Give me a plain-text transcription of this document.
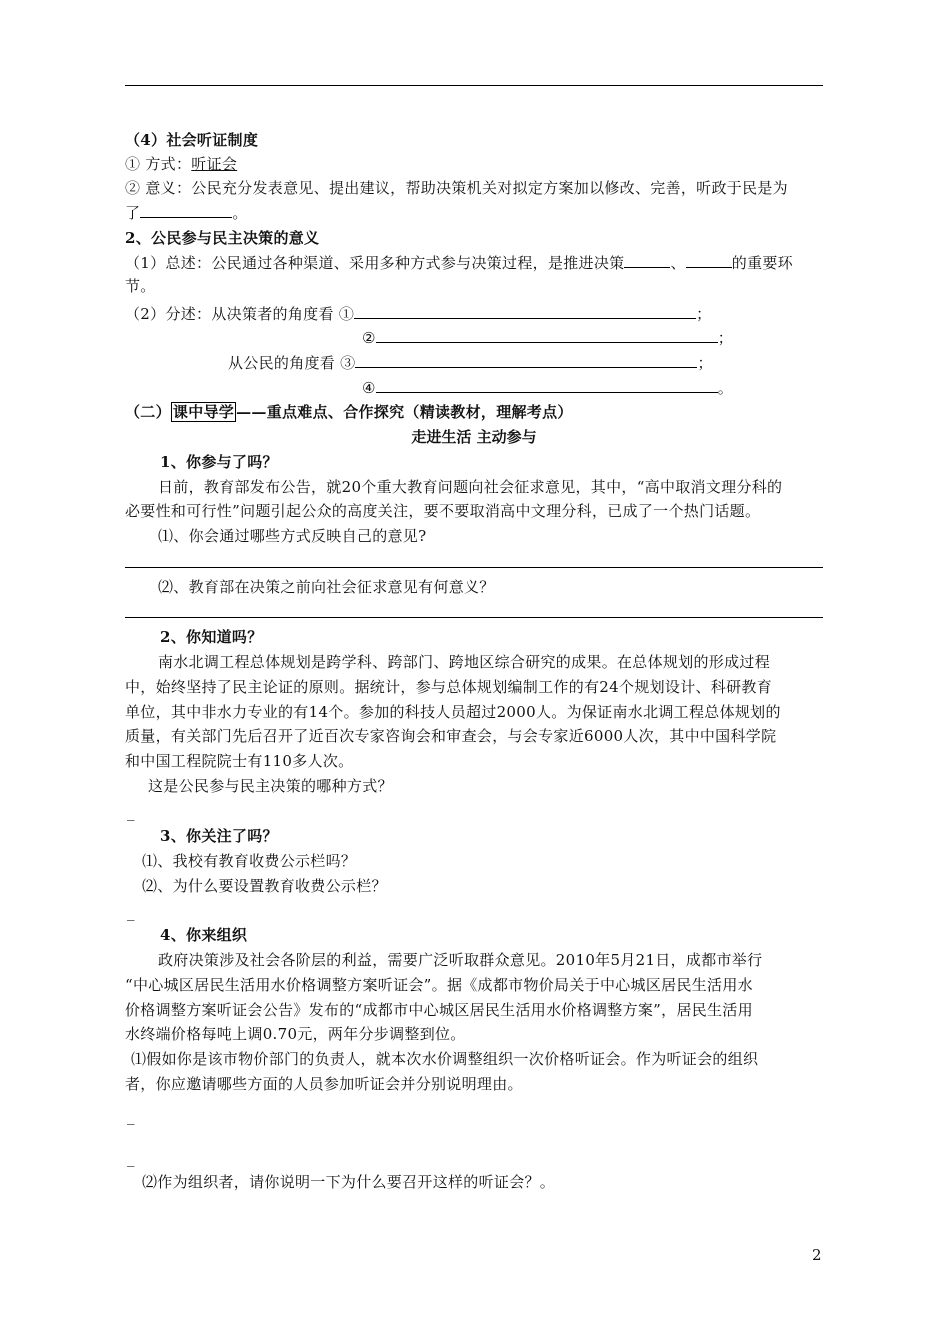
（4）社会听证制度
① 方式：听证会
② 意义：公民充分发表意见、提出建议，帮助决策机关对拟定方案加以修改、完善，听政于民是为
了	。
2、公民参与民主决策的意义
（1）总述：公民通过各种渠道、采用多种方式参与决策过程，是推进决策	、	的重要环
节。
（2）分述：从决策者的角度看 ①	；
②	；
从公民的角度看 ③	；
④	。
（二） 课中导学 ——重点难点、合作探究（精读教材，理解考点）
走进生活 主动参与
1、你参与了吗？
日前，教育部发布公告，就20个重大教育问题向社会征求意见，其中，“高中取消文理分科的
必要性和可行性”问题引起公众的高度关注，要不要取消高中文理分科，已成了一个热门话题。
⑴、你会通过哪些方式反映自己的意见?
⑵、教育部在决策之前向社会征求意见有何意义？
2、你知道吗？
南水北调工程总体规划是跨学科、跨部门、跨地区综合研究的成果。在总体规划的形成过程
中，始终坚持了民主论证的原则。据统计，参与总体规划编制工作的有24个规划设计、科研教育
单位，其中非水力专业的有14个。参加的科技人员超过2000人。为保证南水北调工程总体规划的
质量，有关部门先后召开了近百次专家咨询会和审查会，与会专家近6000人次，其中中国科学院
和中国工程院院士有110多人次。
这是公民参与民主决策的哪种方式？
_
3、你关注了吗？
⑴、我校有教育收费公示栏吗？
⑵、为什么要设置教育收费公示栏？
_
4、你来组织
政府决策涉及社会各阶层的利益，需要广泛听取群众意见。2010年5月21日，成都市举行
“中心城区居民生活用水价格调整方案听证会”。据《成都市物价局关于中心城区居民生活用水
价格调整方案听证会公告》发布的“成都市中心城区居民生活用水价格调整方案”，居民生活用
水终端价格每吨上调0.70元，两年分步调整到位。
⑴假如你是该市物价部门的负责人，就本次水价调整组织一次价格听证会。作为听证会的组织
者，你应邀请哪些方面的人员参加听证会并分别说明理由。
_
_
⑵作为组织者，请你说明一下为什么要召开这样的听证会？。
2
